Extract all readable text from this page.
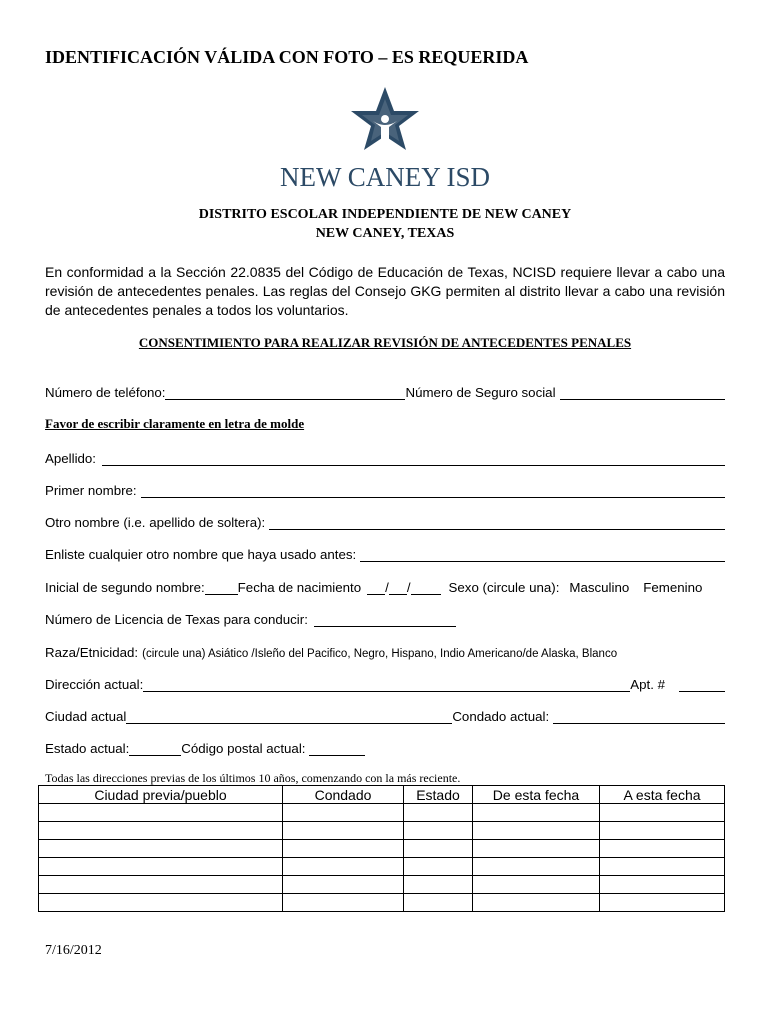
IDENTIFICACIÓN VÁLIDA CON FOTO – ES REQUERIDA
NEW CANEY ISD
DISTRITO ESCOLAR INDEPENDIENTE DE NEW CANEY
NEW CANEY, TEXAS
En conformidad a la Sección 22.0835 del Código de Educación de Texas, NCISD requiere llevar a cabo una revisión de antecedentes penales. Las reglas del Consejo GKG permiten al distrito llevar a cabo una revisión de antecedentes penales a todos los voluntarios.
CONSENTIMIENTO PARA REALIZAR REVISIÓN DE ANTECEDENTES PENALES
Número de teléfono:	Número de Seguro social
Favor de escribir claramente en letra de molde
Apellido:
Primer nombre:
Otro nombre (i.e. apellido de soltera):
Enliste cualquier otro nombre que haya usado antes:
Inicial de segundo nombre: Fecha de nacimiento / /	Sexo (circule una): Masculino Femenino
Número de Licencia de Texas para conducir:
Raza/Etnicidad: (circule una) Asiático /Isleño del Pacifico, Negro, Hispano, Indio Americano/de Alaska, Blanco
Dirección actual:	Apt. #
Ciudad actual	Condado actual:
Estado actual:	Código postal actual:
Todas las direcciones previas de los últimos 10 años, comenzando con la más reciente.
Ciudad previa/pueblo	Condado	Estado	De esta fecha	A esta fecha

7/16/2012
